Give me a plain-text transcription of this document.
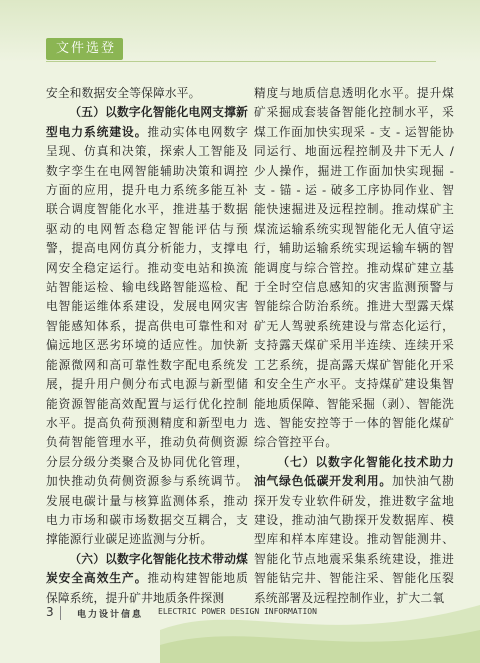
文件选登

安全和数据安全等保障水平。

（五）以数字化智能化电网支撑新型电力系统建设。推动实体电网数字呈现、仿真和决策，探索人工智能及数字孪生在电网智能辅助决策和调控方面的应用，提升电力系统多能互补联合调度智能化水平，推进基于数据驱动的电网暂态稳定智能评估与预警，提高电网仿真分析能力，支撑电网安全稳定运行。推动变电站和换流站智能运检、输电线路智能巡检、配电智能运维体系建设，发展电网灾害智能感知体系，提高供电可靠性和对偏远地区恶劣环境的适应性。加快新能源微网和高可靠性数字配电系统发展，提升用户侧分布式电源与新型储能资源智能高效配置与运行优化控制水平。提高负荷预测精度和新型电力负荷智能管理水平，推动负荷侧资源分层分级分类聚合及协同优化管理，加快推动负荷侧资源参与系统调节。发展电碳计量与核算监测体系，推动电力市场和碳市场数据交互耦合，支撑能源行业碳足迹监测与分析。

（六）以数字化智能化技术带动煤炭安全高效生产。推动构建智能地质保障系统，提升矿井地质条件探测

精度与地质信息透明化水平。提升煤矿采掘成套装备智能化控制水平，采煤工作面加快实现采 - 支 - 运智能协同运行、地面远程控制及井下无人 / 少人操作，掘进工作面加快实现掘 - 支 - 锚 - 运 - 破多工序协同作业、智能快速掘进及远程控制。推动煤矿主煤流运输系统实现智能化无人值守运行，辅助运输系统实现运输车辆的智能调度与综合管控。推动煤矿建立基于全时空信息感知的灾害监测预警与智能综合防治系统。推进大型露天煤矿无人驾驶系统建设与常态化运行，支持露天煤矿采用半连续、连续开采工艺系统，提高露天煤矿智能化开采和安全生产水平。支持煤矿建设集智能地质保障、智能采掘（剥）、智能洗选、智能安控等于一体的智能化煤矿综合管控平台。

（七）以数字化智能化技术助力油气绿色低碳开发利用。加快油气勘探开发专业软件研发，推进数字盆地建设，推动油气勘探开发数据库、模型库和样本库建设。推动智能测井、智能化节点地震采集系统建设，推进智能钻完井、智能注采、智能化压裂系统部署及远程控制作业，扩大二氧

3	电力设计信息 ELECTRIC POWER DESIGN INFORMATION
